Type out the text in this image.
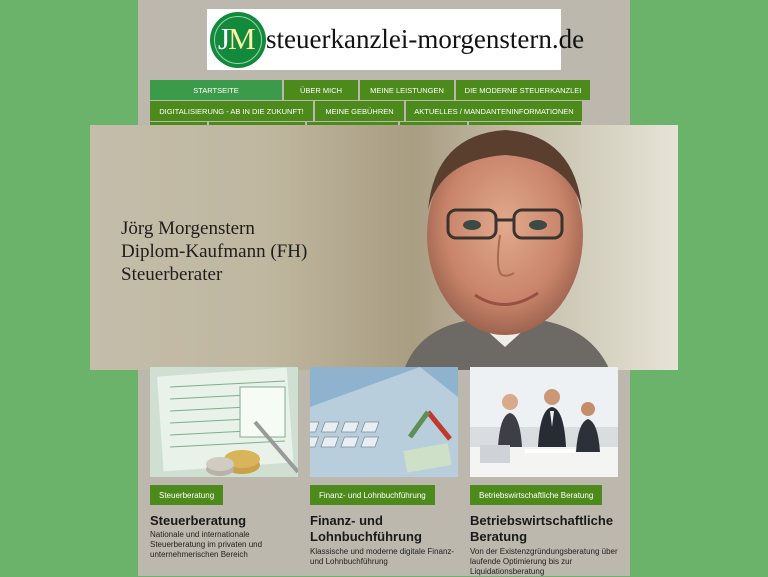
JM steuerkanzlei-morgenstern.de
STARTSEITE	ÜBER MICH	MEINE LEISTUNGEN	DIE MODERNE STEUERKANZLEI
DIGITALISIERUNG - AB IN DIE ZUKUNFT!	MEINE GEBÜHREN	AKTUELLES / MANDANTENINFORMATIONEN
Jörg Morgenstern
Diplom-Kaufmann (FH)
Steuerberater
Steuerberatung
Steuerberatung
Nationale und internationale Steuerberatung im privaten und unternehmerischen Bereich
Finanz- und Lohnbuchführung
Finanz- und Lohnbuchführung
Klassische und moderne digitale Finanz- und Lohnbuchführung
Betriebswirtschaftliche Beratung
Betriebswirtschaftliche Beratung
Von der Existenzgründungsberatung über laufende Optimierung bis zur Liquidationsberatung
